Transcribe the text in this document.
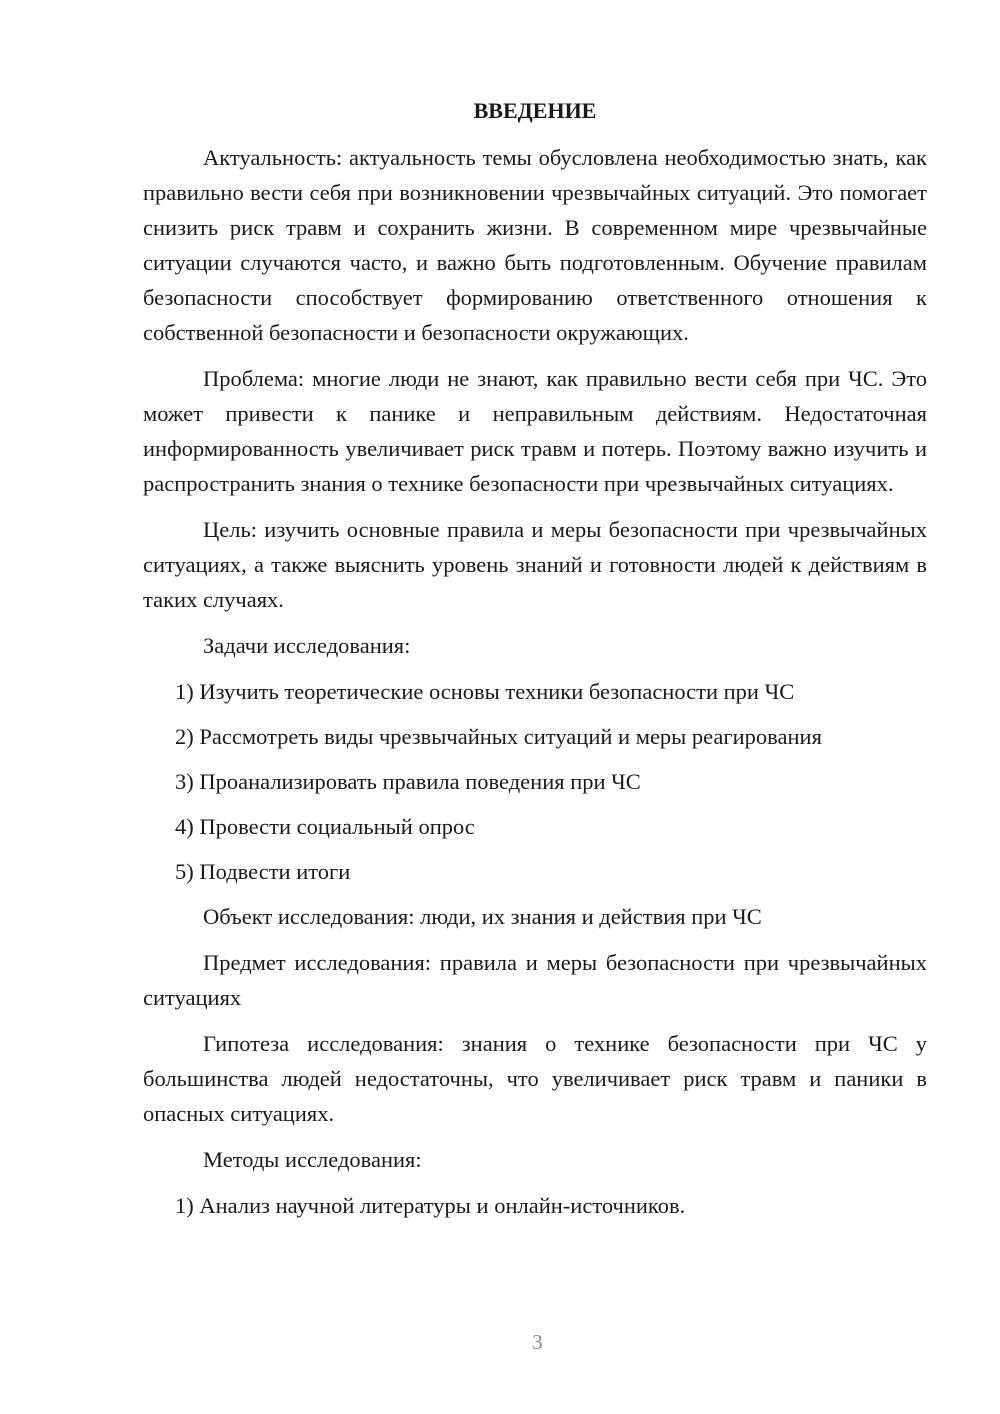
ВВЕДЕНИЕ

Актуальность: актуальность темы обусловлена необходимостью знать, как правильно вести себя при возникновении чрезвычайных ситуаций. Это помогает снизить риск травм и сохранить жизни. В современном мире чрезвычайные ситуации случаются часто, и важно быть подготовленным. Обучение правилам безопасности способствует формированию ответственного отношения к собственной безопасности и безопасности окружающих.

Проблема: многие люди не знают, как правильно вести себя при ЧС. Это может привести к панике и неправильным действиям. Недостаточная информированность увеличивает риск травм и потерь. Поэтому важно изучить и распространить знания о технике безопасности при чрезвычайных ситуациях.

Цель: изучить основные правила и меры безопасности при чрезвычайных ситуациях, а также выяснить уровень знаний и готовности людей к действиям в таких случаях.

Задачи исследования:

1) Изучить теоретические основы техники безопасности при ЧС

2) Рассмотреть виды чрезвычайных ситуаций и меры реагирования

3) Проанализировать правила поведения при ЧС

4) Провести социальный опрос

5) Подвести итоги

Объект исследования: люди, их знания и действия при ЧС

Предмет исследования: правила и меры безопасности при чрезвычайных ситуациях

Гипотеза исследования: знания о технике безопасности при ЧС у большинства людей недостаточны, что увеличивает риск травм и паники в опасных ситуациях.

Методы исследования:

1) Анализ научной литературы и онлайн-источников.

3
